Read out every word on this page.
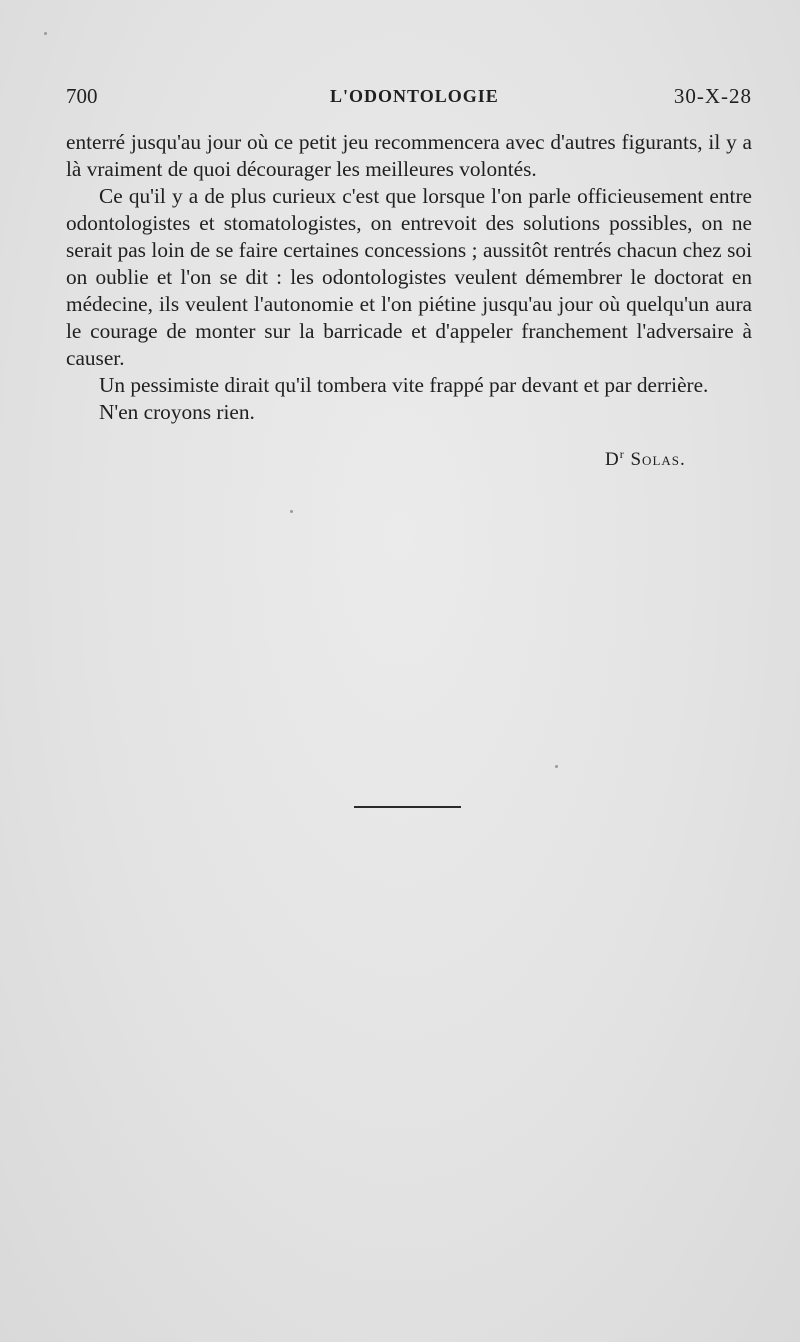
700	L'ODONTOLOGIE	30-X-28

enterré jusqu'au jour où ce petit jeu recommencera avec d'autres figurants, il y a là vraiment de quoi décourager les meilleures volontés.

Ce qu'il y a de plus curieux c'est que lorsque l'on parle officieusement entre odontologistes et stomatologistes, on entrevoit des solutions possibles, on ne serait pas loin de se faire certaines concessions ; aussitôt rentrés chacun chez soi on oublie et l'on se dit : les odontologistes veulent démembrer le doctorat en médecine, ils veulent l'autonomie et l'on piétine jusqu'au jour où quelqu'un aura le courage de monter sur la barricade et d'appeler franchement l'adversaire à causer.

Un pessimiste dirait qu'il tombera vite frappé par devant et par derrière.

N'en croyons rien.

$D^r$ Solas.
